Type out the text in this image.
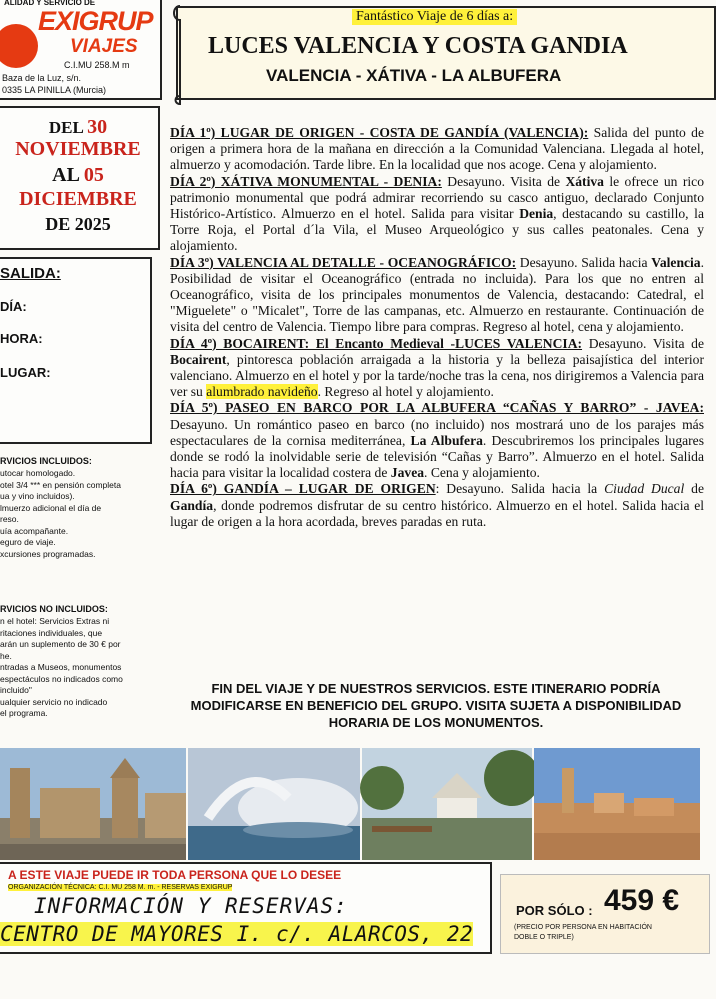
ALIDAD Y SERVICIO DE
EXIGRUP
VIAJES
C.I.MU 258.M m
Baza de la Luz, s/n.
0335 LA PINILLA (Murcia)
DEL 30
NOVIEMBRE
AL 05
DICIEMBRE
DE 2025
SALIDA:
DÍA:
HORA:
LUGAR:
RVICIOS INCLUIDOS:
utocar homologado.
otel 3/4 *** en pensión completa
ua y vino incluidos).
lmuerzo adicional el día de
reso.
uía acompañante.
eguro de viaje.
xcursiones programadas.
RVICIOS NO INCLUIDOS:
n el hotel: Servicios Extras ni
ritaciones individuales, que
arán un suplemento de 30 € por
he.
ntradas a Museos, monumentos
espectáculos no indicados como
incluido"
ualquier servicio no indicado
el programa.
Fantástico Viaje de 6 días a:
LUCES VALENCIA Y COSTA GANDIA
VALENCIA - XÁTIVA - LA ALBUFERA

DÍA 1º) LUGAR DE ORIGEN - COSTA DE GANDÍA (VALENCIA): Salida del punto de origen a primera hora de la mañana en dirección a la Comunidad Valenciana. Llegada al hotel, almuerzo y acomodación. Tarde libre. En la localidad que nos acoge. Cena y alojamiento.

DÍA 2º) XÁTIVA MONUMENTAL - DENIA: Desayuno. Visita de Xátiva le ofrece un rico patrimonio monumental que podrá admirar recorriendo su casco antiguo, declarado Conjunto Histórico-Artístico. Almuerzo en el hotel. Salida para visitar Denia, destacando su castillo, la Torre Roja, el Portal d´la Vila, el Museo Arqueológico y sus calles peatonales. Cena y alojamiento.

DÍA 3º) VALENCIA AL DETALLE - OCEANOGRÁFICO: Desayuno. Salida hacia Valencia. Posibilidad de visitar el Oceanográfico (entrada no incluida). Para los que no entren al Oceanográfico, visita de los principales monumentos de Valencia, destacando: Catedral, el "Miguelete" o "Micalet", Torre de las campanas, etc. Almuerzo en restaurante. Continuación de visita del centro de Valencia. Tiempo libre para compras. Regreso al hotel, cena y alojamiento.

DÍA 4º) BOCAIRENT: El Encanto Medieval -LUCES VALENCIA: Desayuno. Visita de Bocairent, pintoresca población arraigada a la historia y la belleza paisajística del interior valenciano. Almuerzo en el hotel y por la tarde/noche tras la cena, nos dirigiremos a Valencia para ver su alumbrado navideño. Regreso al hotel y alojamiento.

DÍA 5º) PASEO EN BARCO POR LA ALBUFERA “CAÑAS Y BARRO” - JAVEA: Desayuno. Un romántico paseo en barco (no incluido) nos mostrará uno de los parajes más espectaculares de la cornisa mediterránea, La Albufera. Descubriremos los principales lugares donde se rodó la inolvidable serie de televisión “Cañas y Barro”. Almuerzo en el hotel. Salida hacia para visitar la localidad costera de Javea. Cena y alojamiento.

DÍA 6º) GANDÍA – LUGAR DE ORIGEN: Desayuno. Salida hacia la Ciudad Ducal de Gandía, donde podremos disfrutar de su centro histórico. Almuerzo en el hotel. Salida hacia el lugar de origen a la hora acordada, breves paradas en ruta.

FIN DEL VIAJE Y DE NUESTROS SERVICIOS. ESTE ITINERARIO PODRÍA MODIFICARSE EN BENEFICIO DEL GRUPO. VISITA SUJETA A DISPONIBILIDAD HORARIA DE LOS MONUMENTOS.
A ESTE VIAJE PUEDE IR TODA PERSONA QUE LO DESEE
ORGANIZACIÓN TÉCNICA: C.I. MU 258 M. m. - RESERVAS EXIGRUP
INFORMACIÓN Y RESERVAS:
CENTRO DE MAYORES I. c/. ALARCOS, 22
POR SÓLO : 459 €
(PRECIO POR PERSONA EN HABITACIÓN
DOBLE O TRIPLE)
